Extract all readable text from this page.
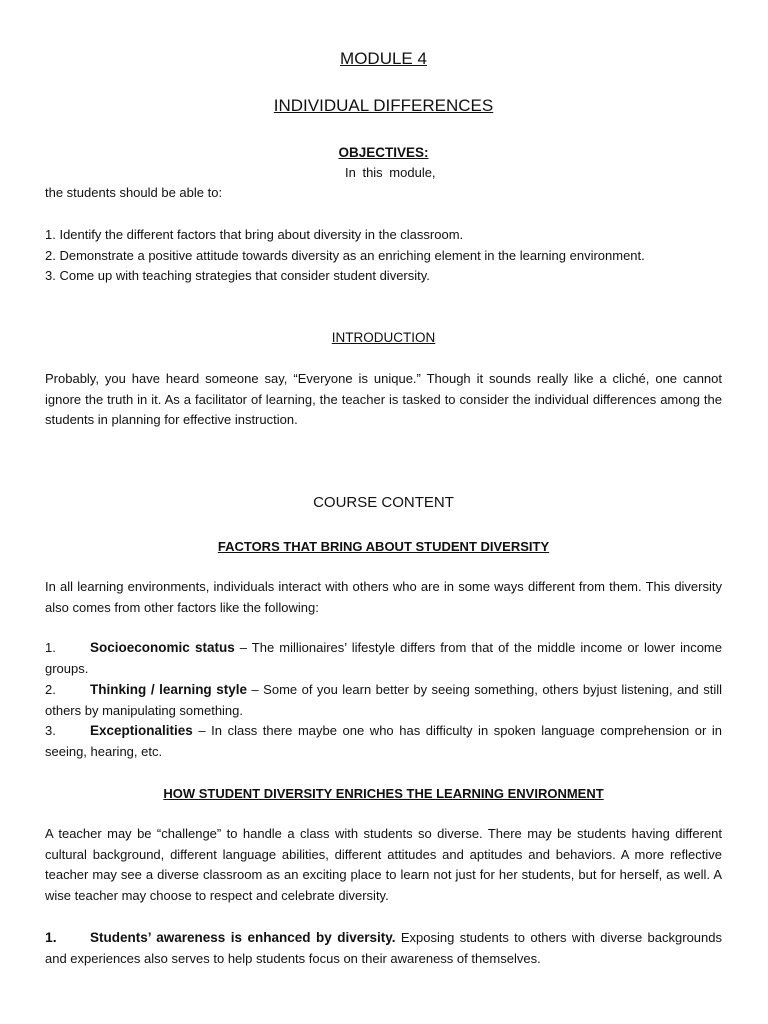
MODULE 4
INDIVIDUAL DIFFERENCES
OBJECTIVES:
In this module,
the students should be able to:
1. Identify the different factors that bring about diversity in the classroom.
2. Demonstrate a positive attitude towards diversity as an enriching element in the learning environment.
3. Come up with teaching strategies that consider student diversity.
INTRODUCTION
Probably, you have heard someone say, “Everyone is unique.” Though it sounds really like a cliché, one cannot ignore the truth in it. As a facilitator of learning, the teacher is tasked to consider the individual differences among the students in planning for effective instruction.
COURSE CONTENT
FACTORS THAT BRING ABOUT STUDENT DIVERSITY
In all learning environments, individuals interact with others who are in some ways different from them. This diversity also comes from other factors like the following:
1.	Socioeconomic status – The millionaires’ lifestyle differs from that of the middle income or lower income groups.
2.	Thinking / learning style – Some of you learn better by seeing something, others byjust listening, and still others by manipulating something.
3.	Exceptionalities – In class there maybe one who has difficulty in spoken language comprehension or in seeing, hearing, etc.
HOW STUDENT DIVERSITY ENRICHES THE LEARNING ENVIRONMENT
A teacher may be “challenge” to handle a class with students so diverse. There may be students having different cultural background, different language abilities, different attitudes and aptitudes and behaviors. A more reflective teacher may see a diverse classroom as an exciting place to learn not just for her students, but for herself, as well. A wise teacher may choose to respect and celebrate diversity.
1. Students’ awareness is enhanced by diversity. Exposing students to others with diverse backgrounds and experiences also serves to help students focus on their awareness of themselves.
